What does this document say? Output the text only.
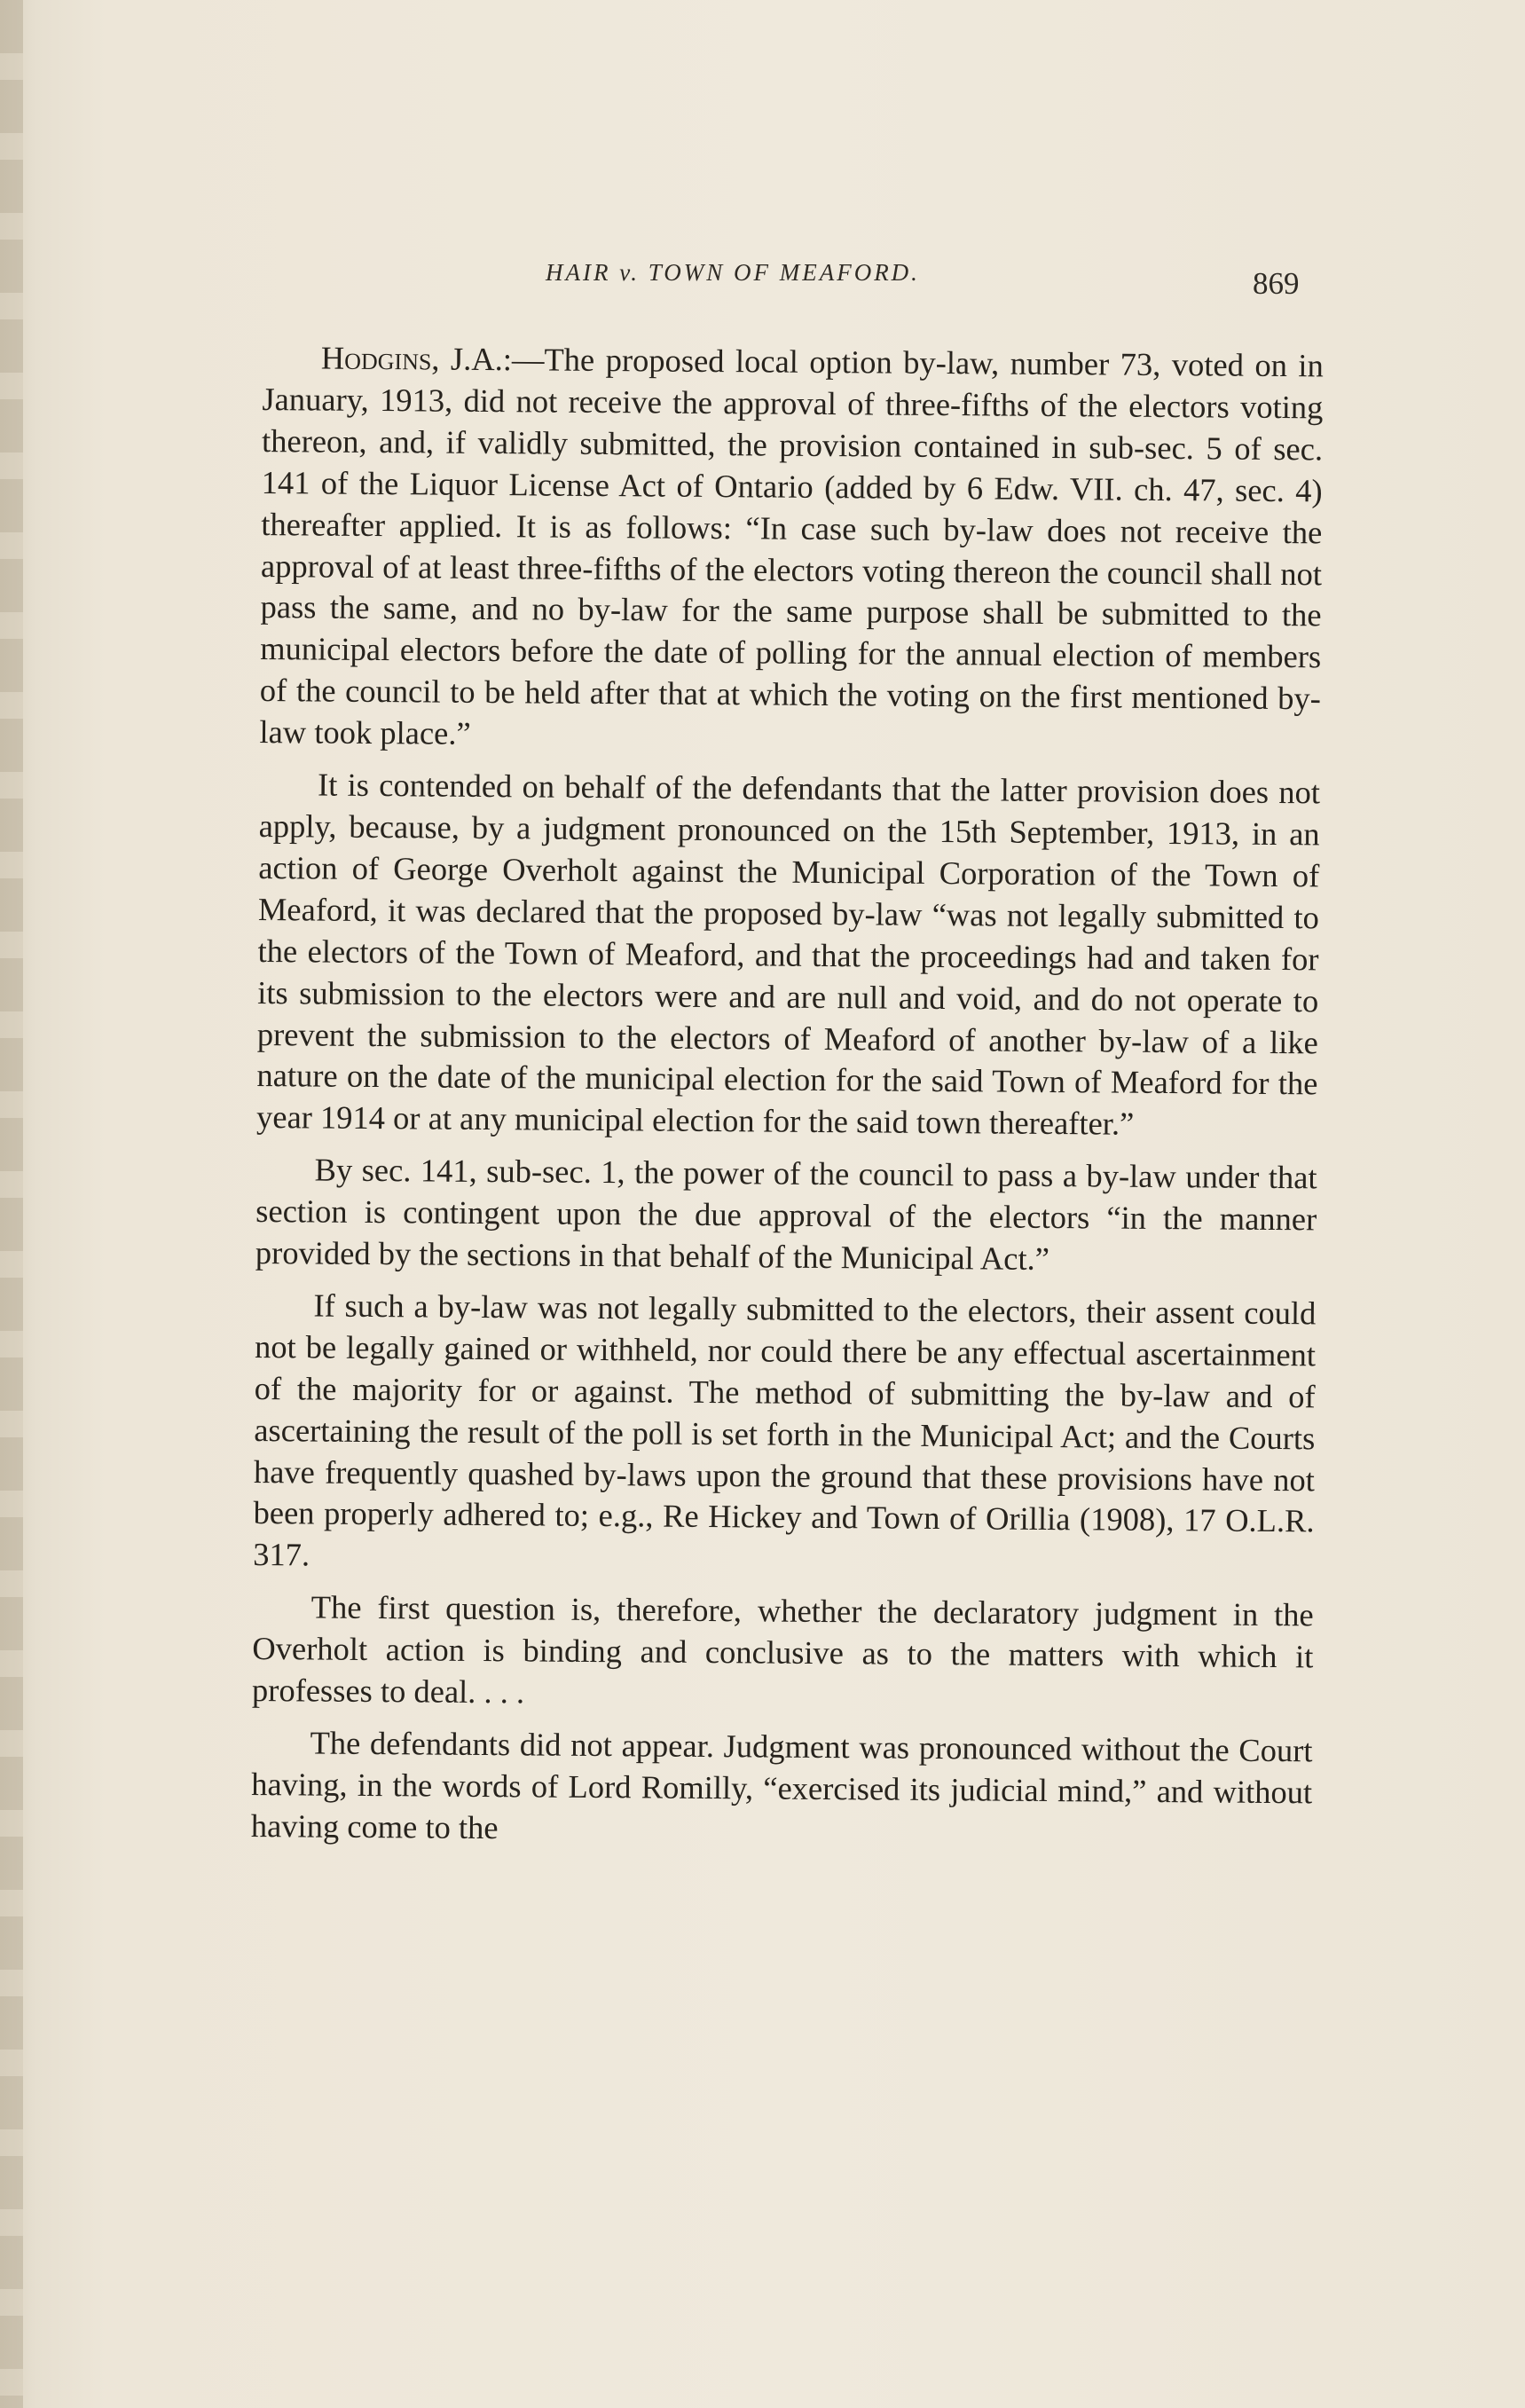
HAIR v. TOWN OF MEAFORD.	869

Hodgins, J.A.:—The proposed local option by-law, number 73, voted on in January, 1913, did not receive the approval of three-fifths of the electors voting thereon, and, if validly submitted, the provision contained in sub-sec. 5 of sec. 141 of the Liquor License Act of Ontario (added by 6 Edw. VII. ch. 47, sec. 4) thereafter applied. It is as follows: “In case such by-law does not receive the approval of at least three-fifths of the electors voting thereon the council shall not pass the same, and no by-law for the same purpose shall be submitted to the municipal electors before the date of polling for the annual election of members of the council to be held after that at which the voting on the first mentioned by-law took place.”

It is contended on behalf of the defendants that the latter provision does not apply, because, by a judgment pronounced on the 15th September, 1913, in an action of George Overholt against the Municipal Corporation of the Town of Meaford, it was declared that the proposed by-law “was not legally submitted to the electors of the Town of Meaford, and that the proceedings had and taken for its submission to the electors were and are null and void, and do not operate to prevent the submission to the electors of Meaford of another by-law of a like nature on the date of the municipal election for the said Town of Meaford for the year 1914 or at any municipal election for the said town thereafter.”

By sec. 141, sub-sec. 1, the power of the council to pass a by-law under that section is contingent upon the due approval of the electors “in the manner provided by the sections in that behalf of the Municipal Act.”

If such a by-law was not legally submitted to the electors, their assent could not be legally gained or withheld, nor could there be any effectual ascertainment of the majority for or against. The method of submitting the by-law and of ascertaining the result of the poll is set forth in the Municipal Act; and the Courts have frequently quashed by-laws upon the ground that these provisions have not been properly adhered to; e.g., Re Hickey and Town of Orillia (1908), 17 O.L.R. 317.

The first question is, therefore, whether the declaratory judgment in the Overholt action is binding and conclusive as to the matters with which it professes to deal. . . .

The defendants did not appear. Judgment was pronounced without the Court having, in the words of Lord Romilly, “exercised its judicial mind,” and without having come to the
